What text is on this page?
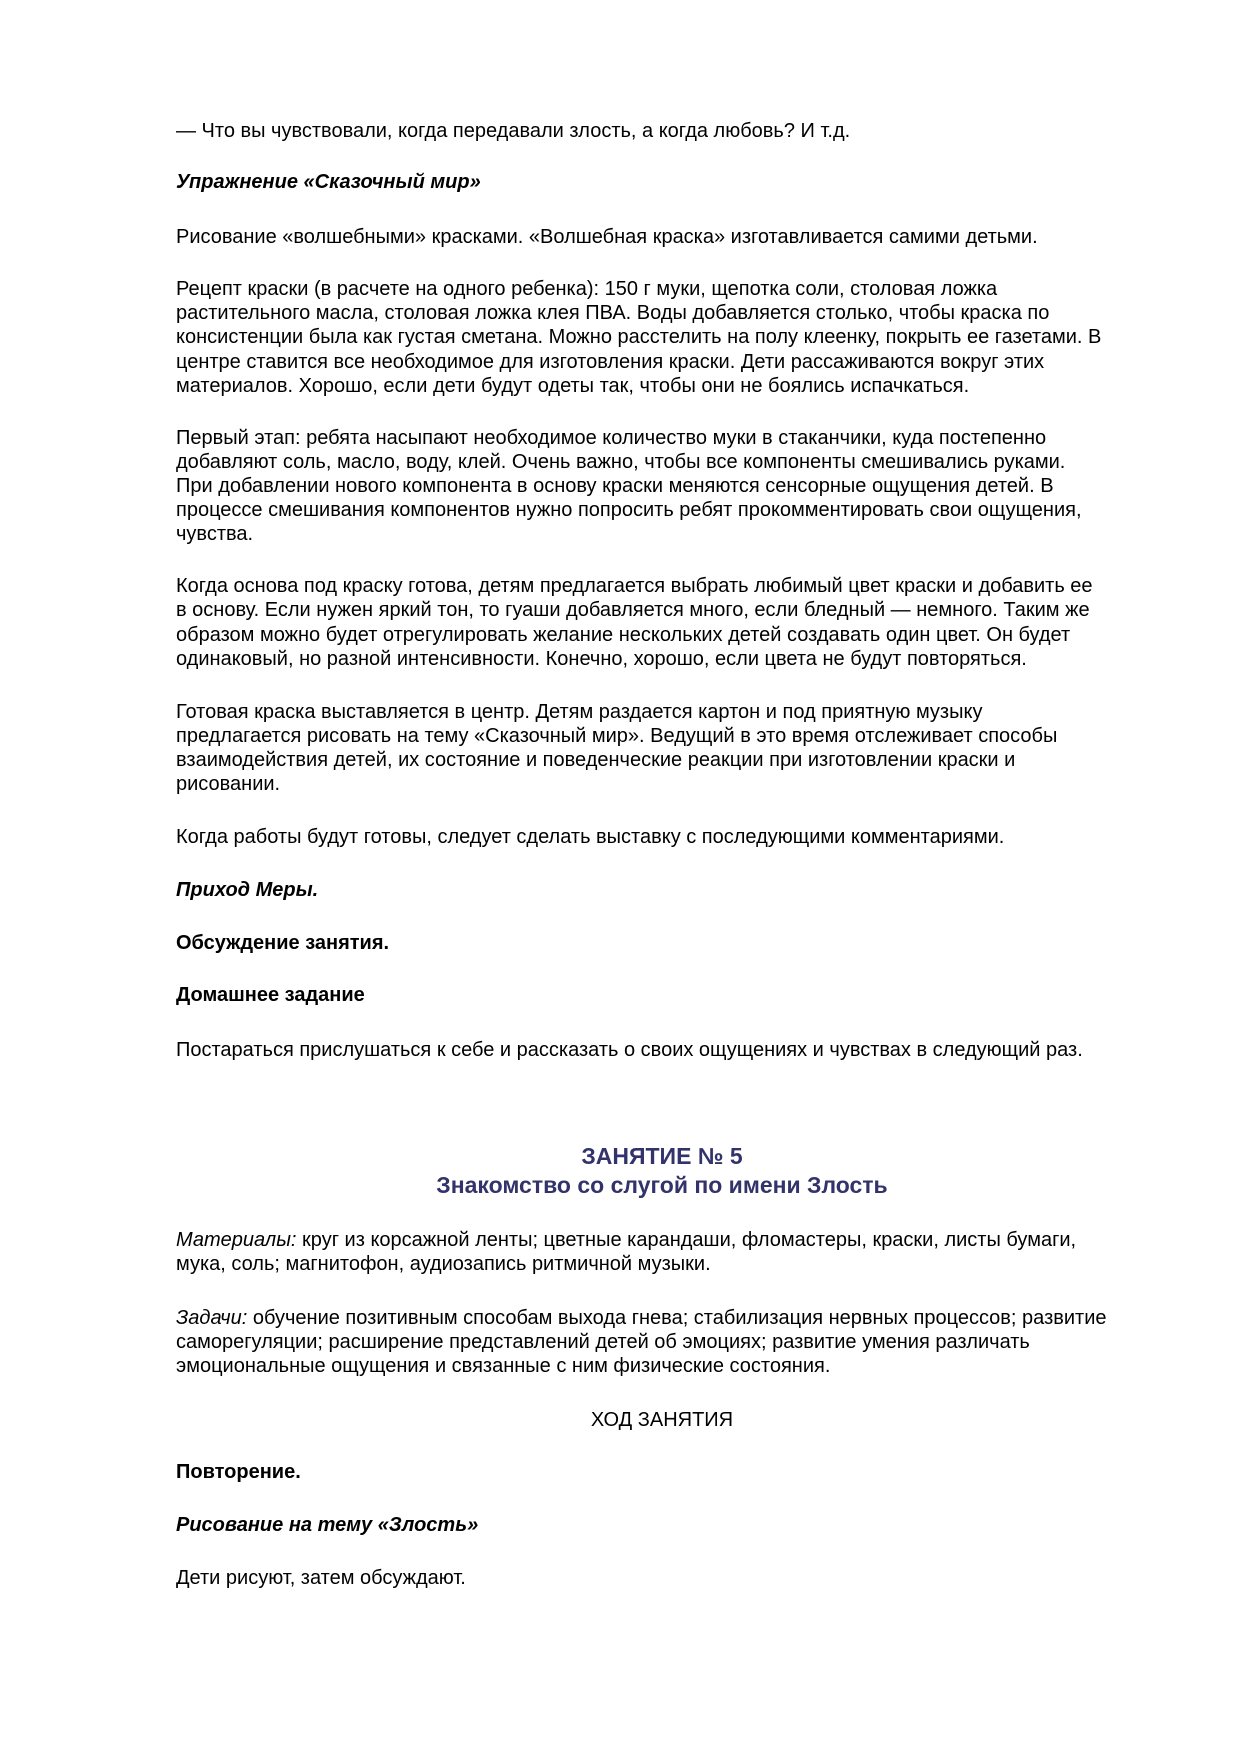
— Что вы чувствовали, когда передавали злость, а когда любовь? И т.д.
Упражнение «Сказочный мир»
Рисование «волшебными» красками. «Волшебная краска» изготавливается самими детьми.
Рецепт краски (в расчете на одного ребенка): 150 г муки, щепотка соли, столовая ложка
растительного масла, столовая ложка клея ПВА. Воды добавляется столько, чтобы краска по
консистенции была как густая сметана. Можно расстелить на полу клеенку, покрыть ее газетами. В
центре ставится все необходимое для изготовления краски. Дети рассаживаются вокруг этих
материалов. Хорошо, если дети будут одеты так, чтобы они не боялись испачкаться.
Первый этап: ребята насыпают необходимое количество муки в стаканчики, куда постепенно
добавляют соль, масло, воду, клей. Очень важно, чтобы все компоненты смешивались руками.
При добавлении нового компонента в основу краски меняются сенсорные ощущения детей. В
процессе смешивания компонентов нужно попросить ребят прокомментировать свои ощущения,
чувства.
Когда основа под краску готова, детям предлагается выбрать любимый цвет краски и добавить ее
в основу. Если нужен яркий тон, то гуаши добавляется много, если бледный — немного. Таким же
образом можно будет отрегулировать желание нескольких детей создавать один цвет. Он будет
одинаковый, но разной интенсивности. Конечно, хорошо, если цвета не будут повторяться.
Готовая краска выставляется в центр. Детям раздается картон и под приятную музыку
предлагается рисовать на тему «Сказочный мир». Ведущий в это время отслеживает способы
взаимодействия детей, их состояние и поведенческие реакции при изготовлении краски и
рисовании.
Когда работы будут готовы, следует сделать выставку с последующими комментариями.
Приход Меры.
Обсуждение занятия.
Домашнее задание
Постараться прислушаться к себе и рассказать о своих ощущениях и чувствах в следующий раз.
ЗАНЯТИЕ № 5
Знакомство со слугой по имени Злость
Материалы: круг из корсажной ленты; цветные карандаши, фломастеры, краски, листы бумаги,
мука, соль; магнитофон, аудиозапись ритмичной музыки.
Задачи: обучение позитивным способам выхода гнева; стабилизация нервных процессов; развитие
саморегуляции; расширение представлений детей об эмоциях; развитие умения различать
эмоциональные ощущения и связанные с ним физические состояния.
ХОД ЗАНЯТИЯ
Повторение.
Рисование на тему «Злость»
Дети рисуют, затем обсуждают.
